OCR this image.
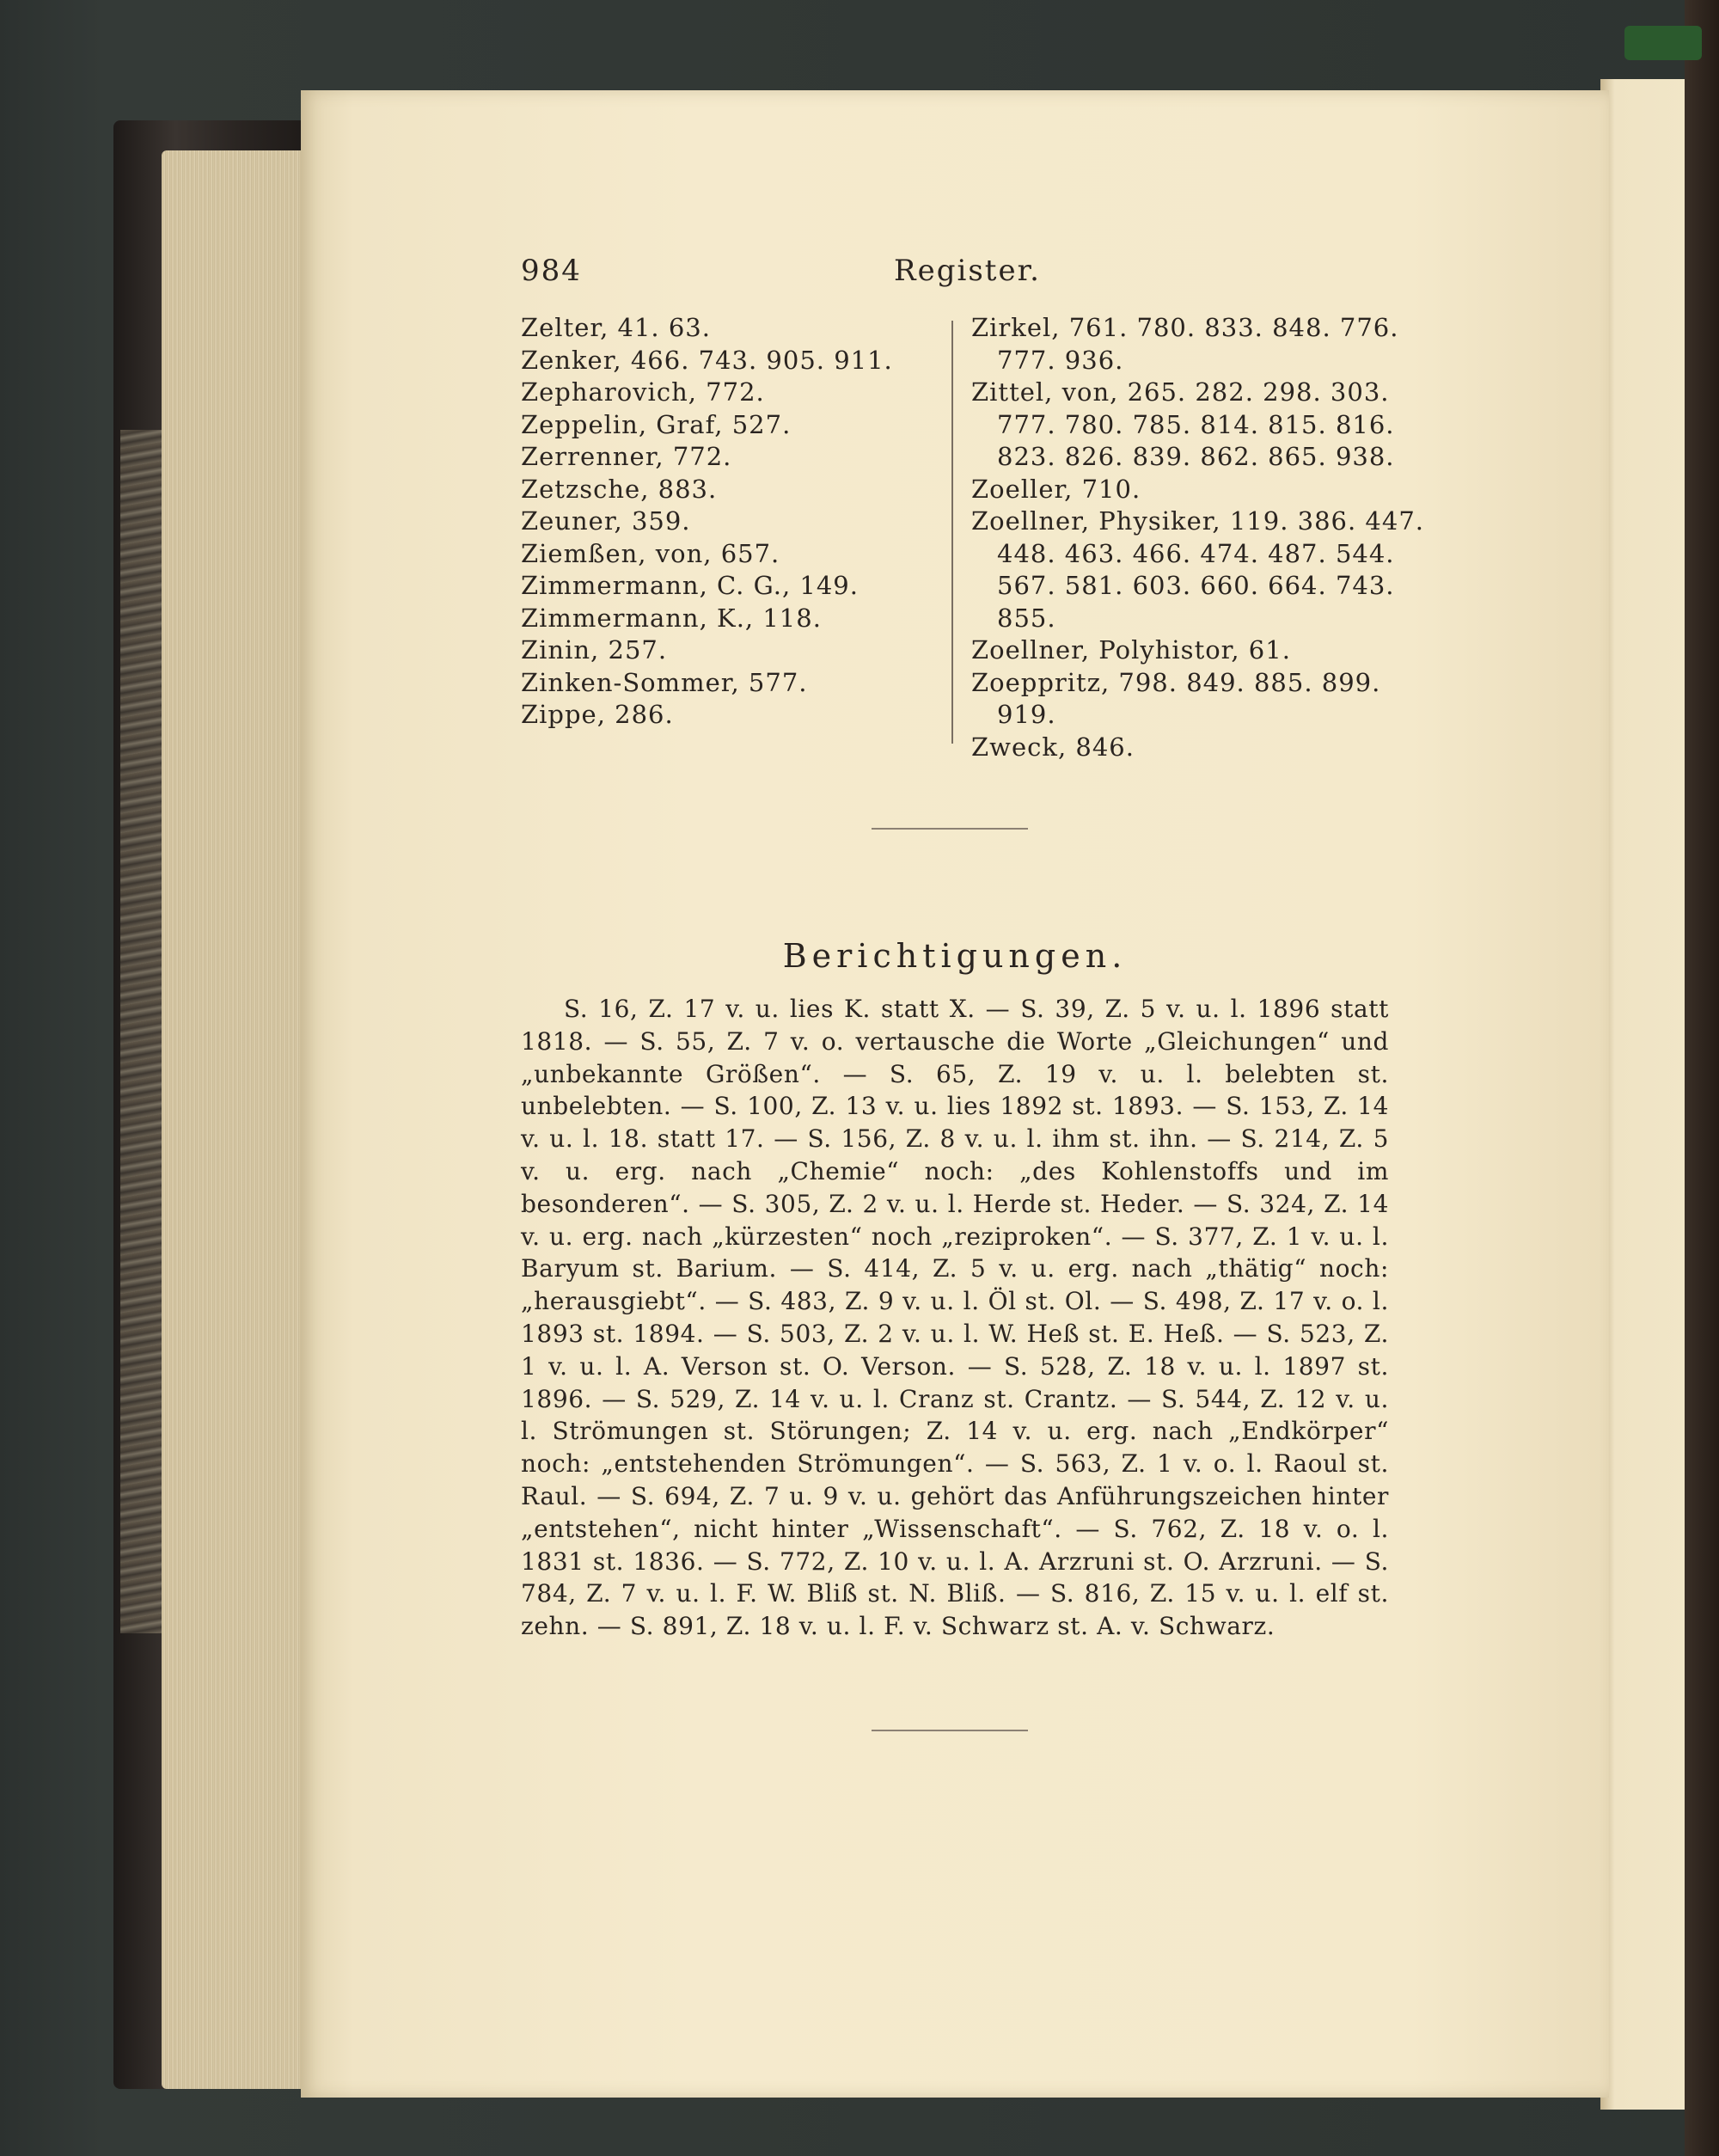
984	Register.
Zelter, 41. 63.
Zenker, 466. 743. 905. 911.
Zepharovich, 772.
Zeppelin, Graf, 527.
Zerrenner, 772.
Zetzsche, 883.
Zeuner, 359.
Ziemßen, von, 657.
Zimmermann, C. G., 149.
Zimmermann, K., 118.
Zinin, 257.
Zinken-Sommer, 577.
Zippe, 286.
Zirkel, 761. 780. 833. 848. 776. 777. 936.
Zittel, von, 265. 282. 298. 303. 777. 780. 785. 814. 815. 816. 823. 826. 839. 862. 865. 938.
Zoeller, 710.
Zoellner, Physiker, 119. 386. 447. 448. 463. 466. 474. 487. 544. 567. 581. 603. 660. 664. 743. 855.
Zoellner, Polyhistor, 61.
Zoeppritz, 798. 849. 885. 899. 919.
Zweck, 846.
Berichtigungen.
S. 16, Z. 17 v. u. lies K. statt X. — S. 39, Z. 5 v. u. l. 1896 statt 1818. — S. 55, Z. 7 v. o. vertausche die Worte „Gleichungen“ und „unbekannte Größen“. — S. 65, Z. 19 v. u. l. belebten st. unbelebten. — S. 100, Z. 13 v. u. lies 1892 st. 1893. — S. 153, Z. 14 v. u. l. 18. statt 17. — S. 156, Z. 8 v. u. l. ihm st. ihn. — S. 214, Z. 5 v. u. erg. nach „Chemie“ noch: „des Kohlenstoffs und im besonderen“. — S. 305, Z. 2 v. u. l. Herde st. Heder. — S. 324, Z. 14 v. u. erg. nach „kürzesten“ noch „reziproken“. — S. 377, Z. 1 v. u. l. Baryum st. Barium. — S. 414, Z. 5 v. u. erg. nach „thätig“ noch: „herausgiebt“. — S. 483, Z. 9 v. u. l. Öl st. Ol. — S. 498, Z. 17 v. o. l. 1893 st. 1894. — S. 503, Z. 2 v. u. l. W. Heß st. E. Heß. — S. 523, Z. 1 v. u. l. A. Verson st. O. Verson. — S. 528, Z. 18 v. u. l. 1897 st. 1896. — S. 529, Z. 14 v. u. l. Cranz st. Crantz. — S. 544, Z. 12 v. u. l. Strömungen st. Störungen; Z. 14 v. u. erg. nach „Endkörper“ noch: „entstehenden Strömungen“. — S. 563, Z. 1 v. o. l. Raoul st. Raul. — S. 694, Z. 7 u. 9 v. u. gehört das Anführungszeichen hinter „entstehen“, nicht hinter „Wissenschaft“. — S. 762, Z. 18 v. o. l. 1831 st. 1836. — S. 772, Z. 10 v. u. l. A. Arzruni st. O. Arzruni. — S. 784, Z. 7 v. u. l. F. W. Bliß st. N. Bliß. — S. 816, Z. 15 v. u. l. elf st. zehn. — S. 891, Z. 18 v. u. l. F. v. Schwarz st. A. v. Schwarz.
